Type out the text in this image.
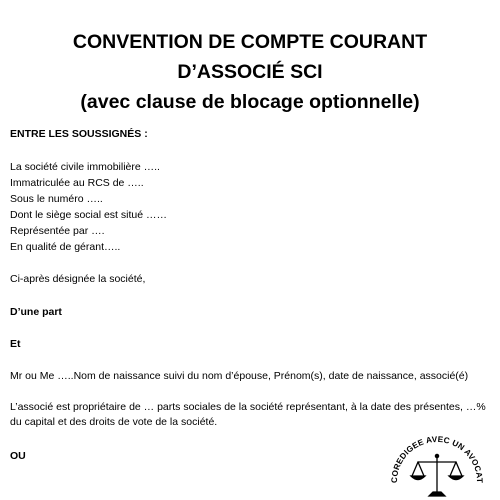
CONVENTION DE COMPTE COURANT
D’ASSOCIÉ SCI
(avec clause de blocage optionnelle)
ENTRE LES SOUSSIGNÉS :
La société civile immobilière …..
Immatriculée au RCS de …..
Sous le numéro …..
Dont le siège social est situé ……
Représentée par ….
En qualité de gérant…..
Ci-après désignée la société,
D’une part
Et
Mr ou Me …..Nom de naissance suivi du nom d’épouse, Prénom(s), date de naissance, associé(é)
L’associé est propriétaire de … parts sociales de la société représentant, à la date des présentes, …% du capital et des droits de vote de la société.
OU
COREDIGEE AVEC UN AVOCAT
